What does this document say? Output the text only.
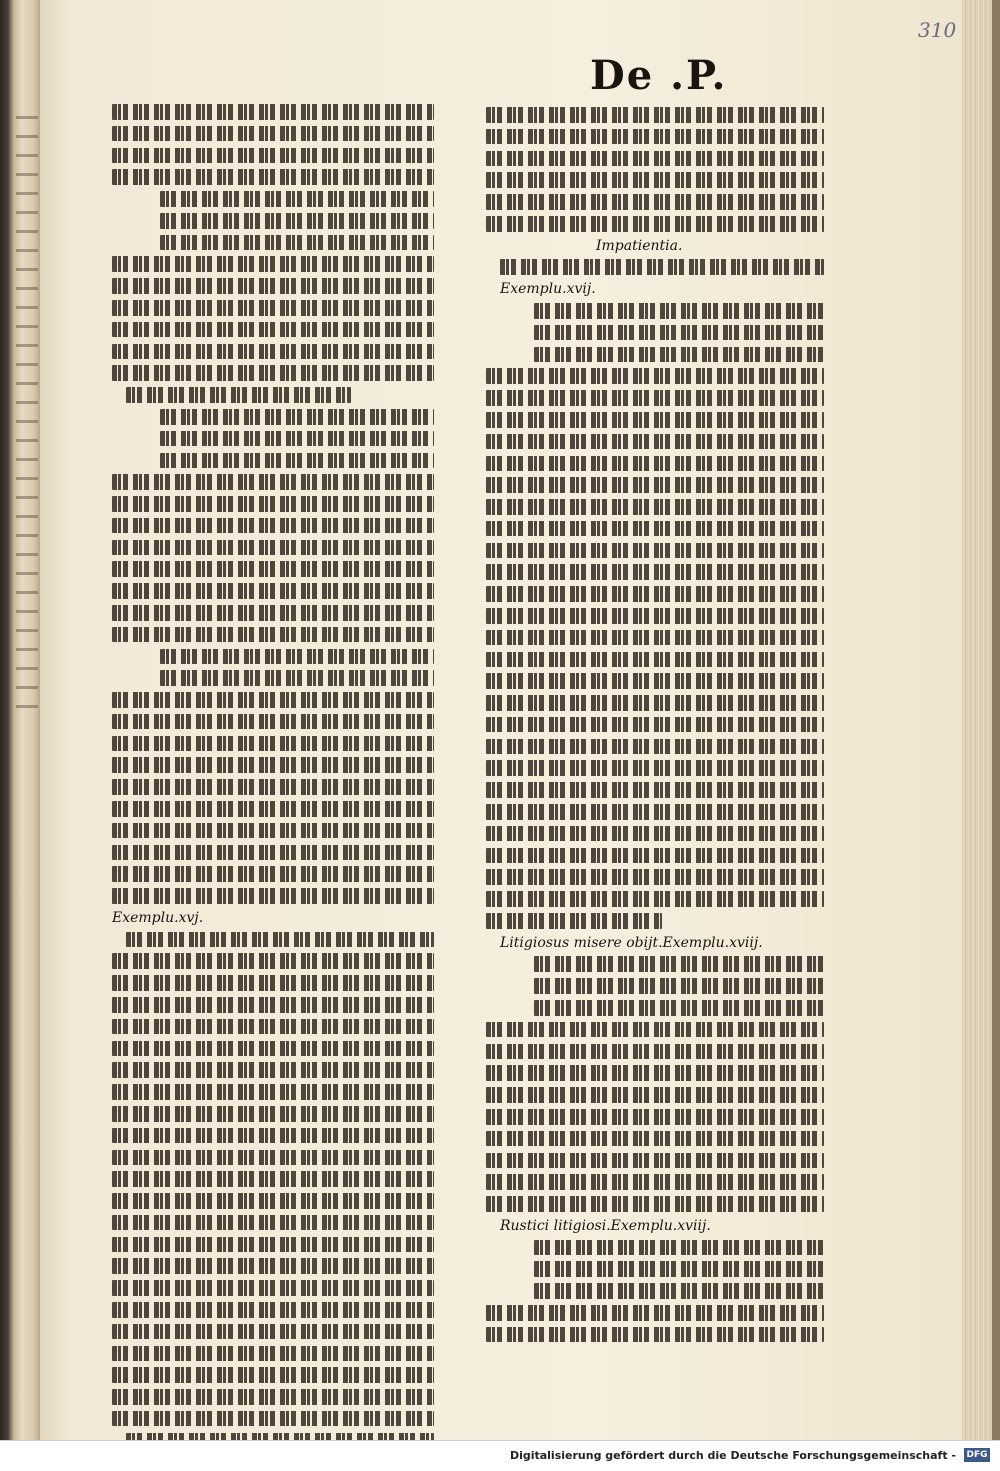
310
De .P.
Exemplu.xvj.
Impatientia.
Exemplu.xvij.
Litigiosus misere obijt.Exemplu.xviij.
Rustici litigiosi.Exemplu.xviij.
Digitalisierung gefördert durch die Deutsche Forschungsgemeinschaft - DFG
